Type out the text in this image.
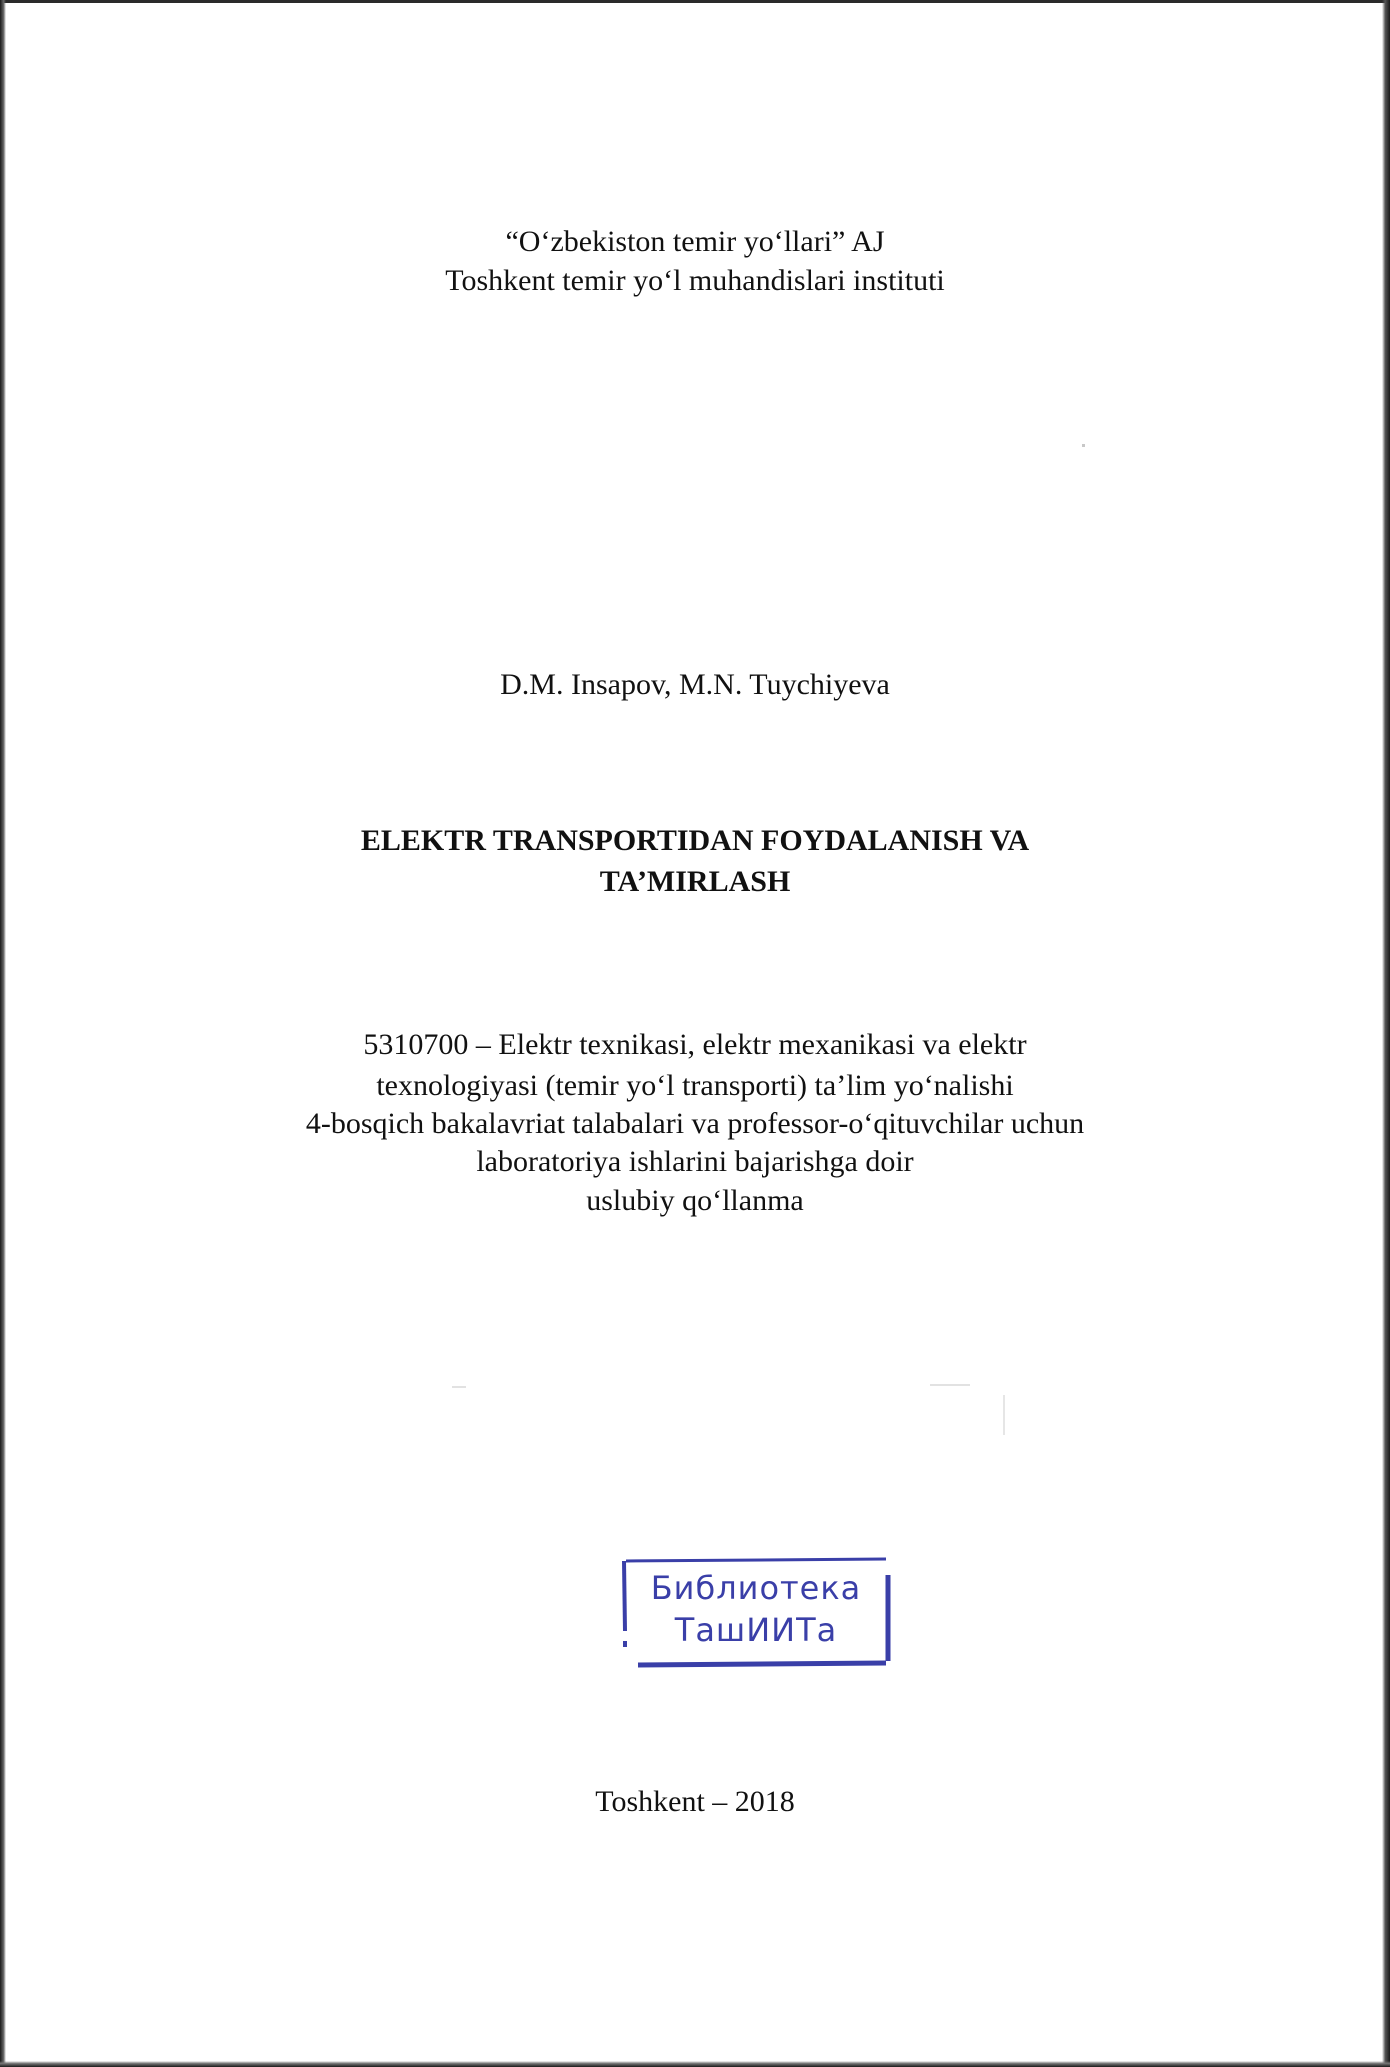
“O‘zbekiston temir yo‘llari” AJ
Toshkent temir yo‘l muhandislari instituti
D.M. Insapov, M.N. Tuychiyeva
ELEKTR TRANSPORTIDAN FOYDALANISH VA
TA’MIRLASH
5310700 – Elektr texnikasi, elektr mexanikasi va elektr
texnologiyasi (temir yo‘l transporti) ta’lim yo‘nalishi
4-bosqich bakalavriat talabalari va professor-o‘qituvchilar uchun
laboratoriya ishlarini bajarishga doir
uslubiy qo‘llanma
Библиотека
ТашИИТа
Toshkent – 2018
